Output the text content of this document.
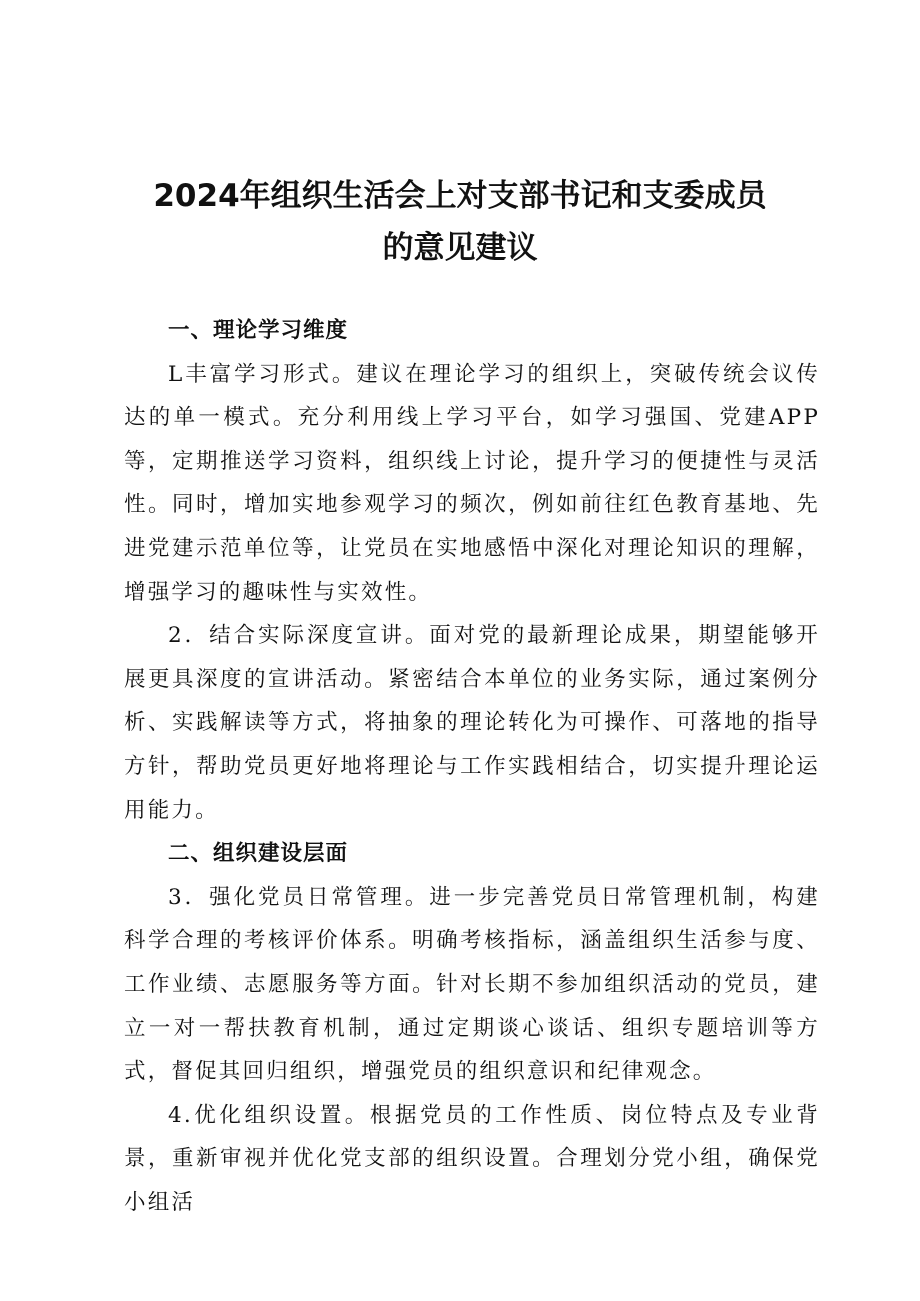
2024年组织生活会上对支部书记和支委成员
的意见建议

一、理论学习维度

L丰富学习形式。建议在理论学习的组织上，突破传统会议传达的单一模式。充分利用线上学习平台，如学习强国、党建APP等，定期推送学习资料，组织线上讨论，提升学习的便捷性与灵活性。同时，增加实地参观学习的频次，例如前往红色教育基地、先进党建示范单位等，让党员在实地感悟中深化对理论知识的理解，增强学习的趣味性与实效性。

2．结合实际深度宣讲。面对党的最新理论成果，期望能够开展更具深度的宣讲活动。紧密结合本单位的业务实际，通过案例分析、实践解读等方式，将抽象的理论转化为可操作、可落地的指导方针，帮助党员更好地将理论与工作实践相结合，切实提升理论运用能力。

二、组织建设层面

3．强化党员日常管理。进一步完善党员日常管理机制，构建科学合理的考核评价体系。明确考核指标，涵盖组织生活参与度、工作业绩、志愿服务等方面。针对长期不参加组织活动的党员，建立一对一帮扶教育机制，通过定期谈心谈话、组织专题培训等方式，督促其回归组织，增强党员的组织意识和纪律观念。

4.优化组织设置。根据党员的工作性质、岗位特点及专业背景，重新审视并优化党支部的组织设置。合理划分党小组，确保党小组活
